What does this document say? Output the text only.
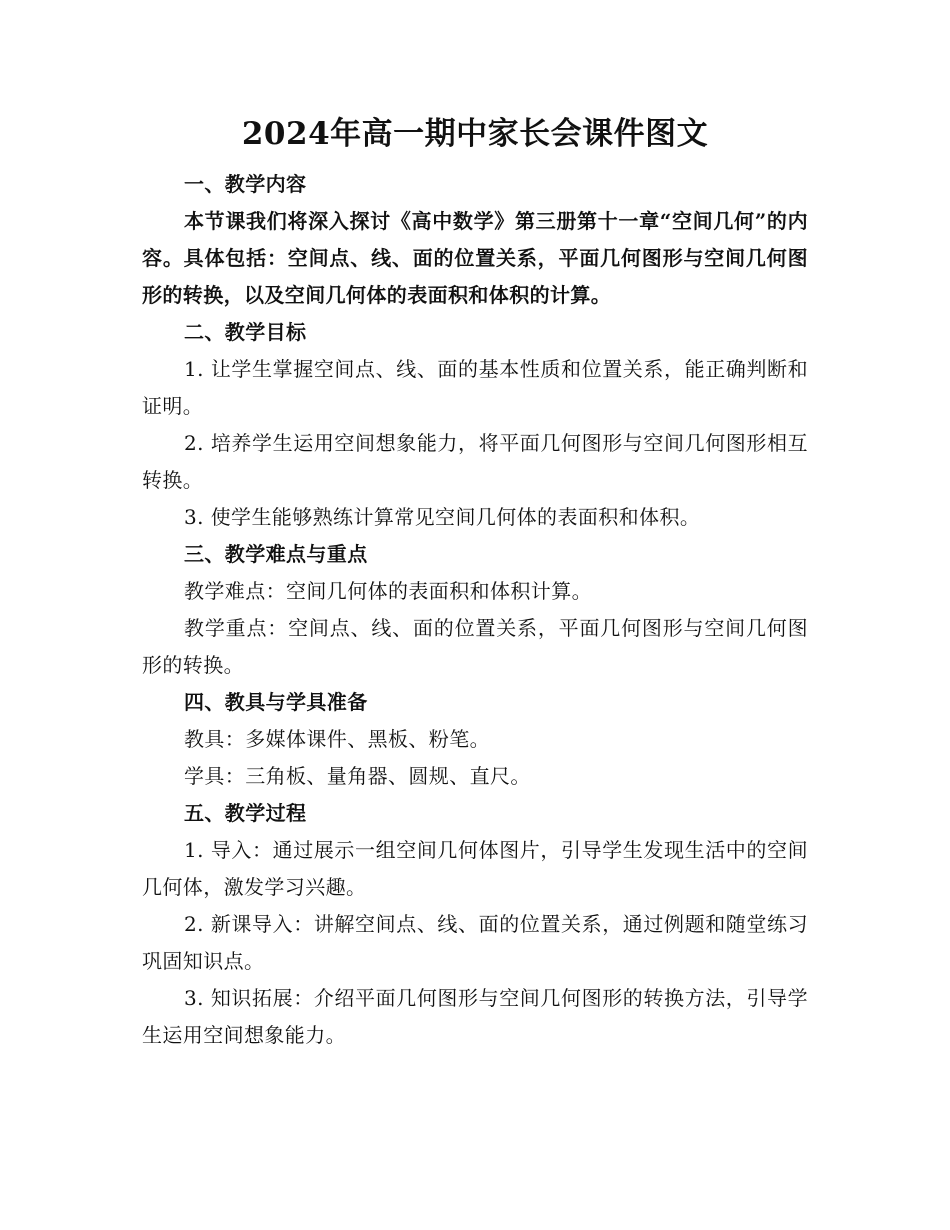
2024年高一期中家长会课件图文

一、教学内容

本节课我们将深入探讨《高中数学》第三册第十一章“空间几何”的内容。具体包括：空间点、线、面的位置关系，平面几何图形与空间几何图形的转换，以及空间几何体的表面积和体积的计算。

二、教学目标

1. 让学生掌握空间点、线、面的基本性质和位置关系，能正确判断和证明。

2. 培养学生运用空间想象能力，将平面几何图形与空间几何图形相互转换。

3. 使学生能够熟练计算常见空间几何体的表面积和体积。

三、教学难点与重点

教学难点：空间几何体的表面积和体积计算。

教学重点：空间点、线、面的位置关系，平面几何图形与空间几何图形的转换。

四、教具与学具准备

教具：多媒体课件、黑板、粉笔。

学具：三角板、量角器、圆规、直尺。

五、教学过程

1. 导入：通过展示一组空间几何体图片，引导学生发现生活中的空间几何体，激发学习兴趣。

2. 新课导入：讲解空间点、线、面的位置关系，通过例题和随堂练习巩固知识点。

3. 知识拓展：介绍平面几何图形与空间几何图形的转换方法，引导学生运用空间想象能力。
